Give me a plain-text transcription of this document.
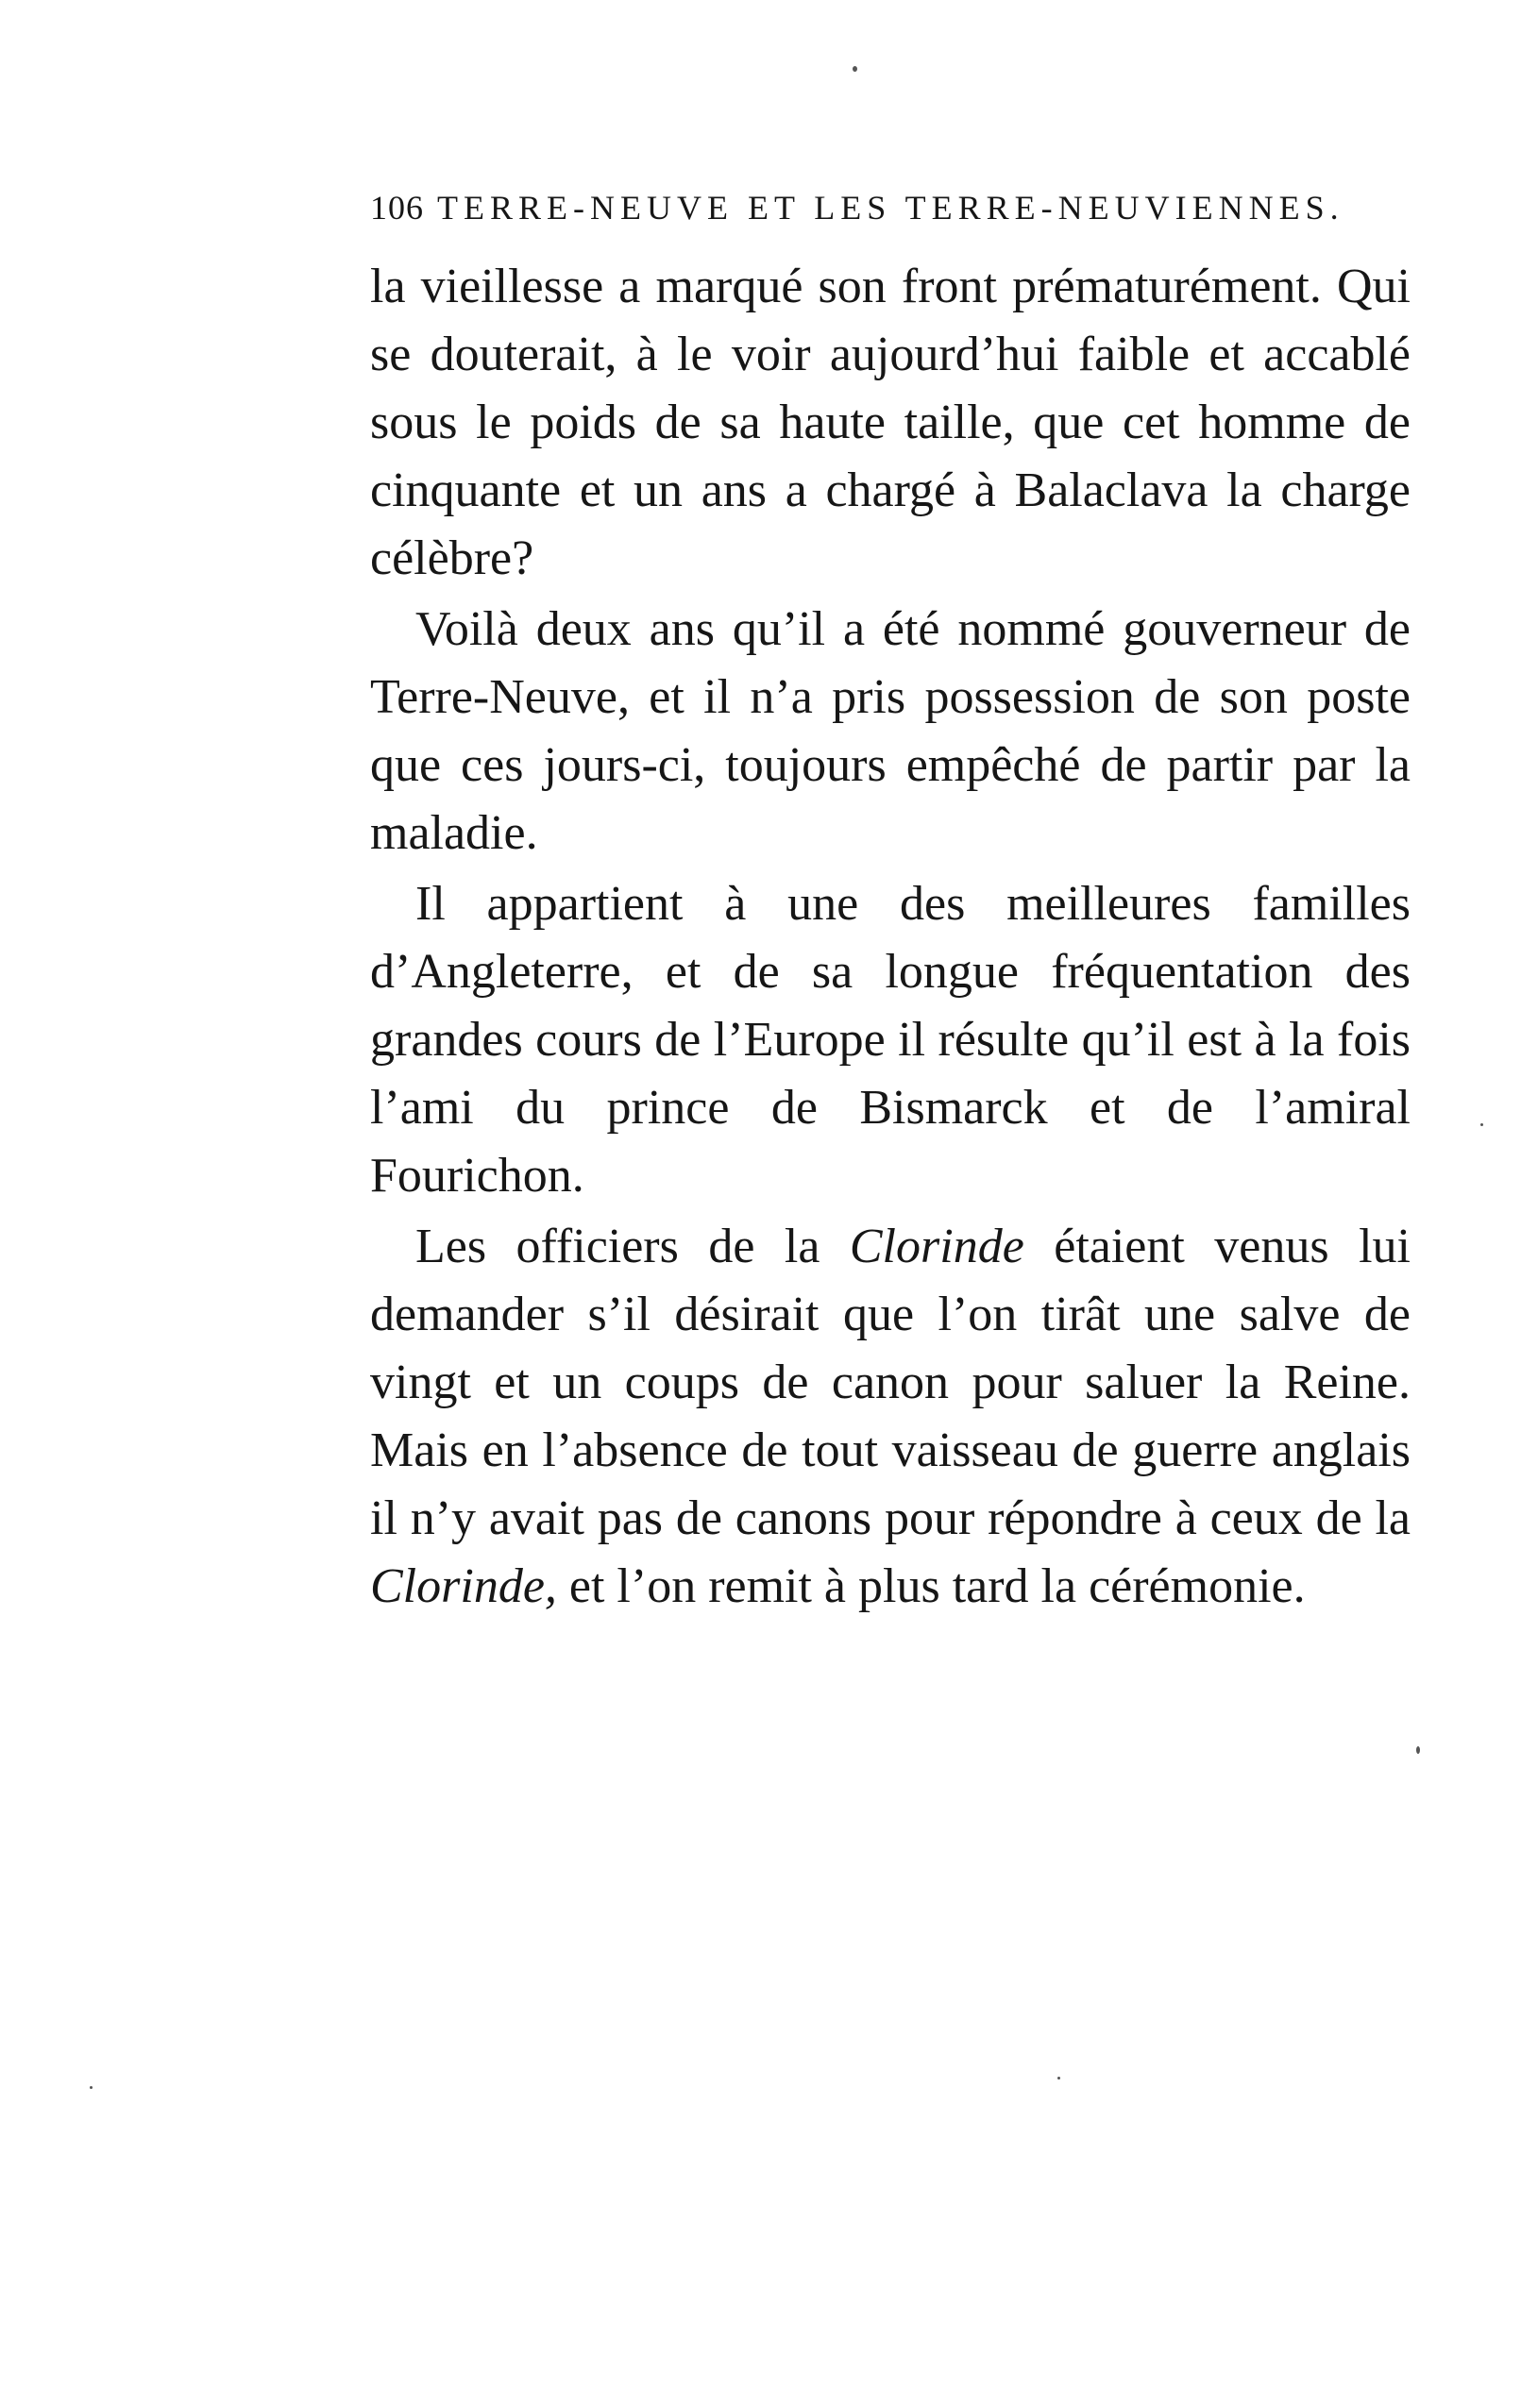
106 TERRE-NEUVE ET LES TERRE-NEUVIENNES.

la vieillesse a marqué son front prématurément. Qui se douterait, à le voir aujourd’hui faible et accablé sous le poids de sa haute taille, que cet homme de cinquante et un ans a chargé à Balaclava la charge célèbre?

Voilà deux ans qu’il a été nommé gouverneur de Terre-Neuve, et il n’a pris possession de son poste que ces jours-ci, toujours empêché de partir par la maladie.

Il appartient à une des meilleures familles d’Angleterre, et de sa longue fréquentation des grandes cours de l’Europe il résulte qu’il est à la fois l’ami du prince de Bismarck et de l’amiral Fourichon.

Les officiers de la Clorinde étaient venus lui demander s’il désirait que l’on tirât une salve de vingt et un coups de canon pour saluer la Reine. Mais en l’absence de tout vaisseau de guerre anglais il n’y avait pas de canons pour répondre à ceux de la Clorinde, et l’on remit à plus tard la cérémonie.
